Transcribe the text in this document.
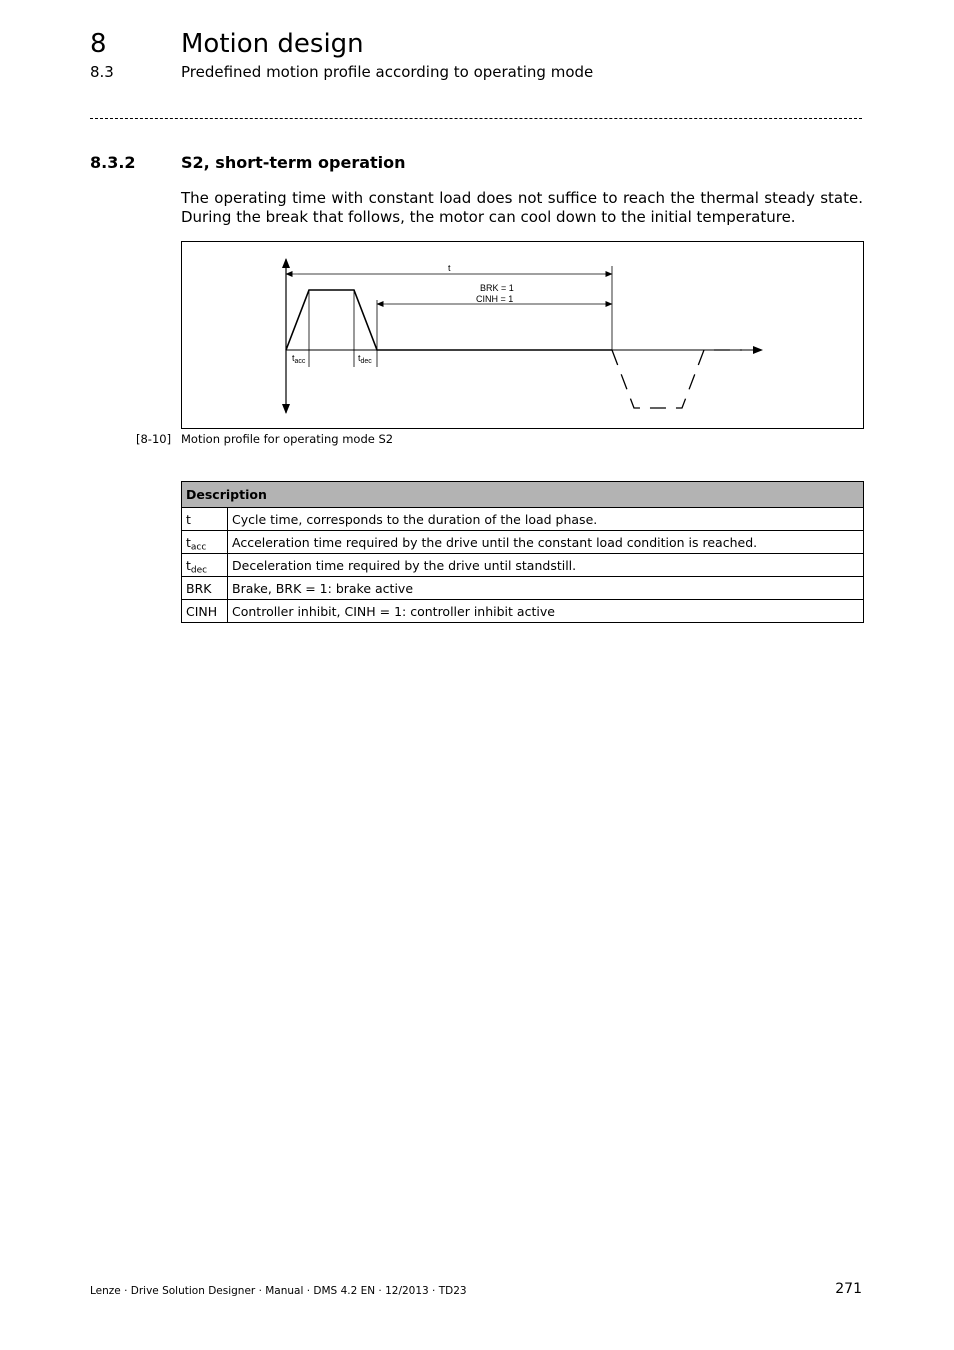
8	Motion design
8.3	Predefined motion profile according to operating mode
8.3.2	S2, short-term operation
The operating time with constant load does not suffice to reach the thermal steady state. During the break that follows, the motor can cool down to the initial temperature.
t
BRK = 1
CINH = 1
$t_{acc}$	$t_{dec}$
[8-10] Motion profile for operating mode S2
Description	
t	Cycle time, corresponds to the duration of the load phase.
$t_{acc}$	Acceleration time required by the drive until the constant load condition is reached.
$t_{dec}$	Deceleration time required by the drive until standstill.
BRK	Brake, BRK = 1: brake active
CINH	Controller inhibit, CINH = 1: controller inhibit active
Lenze · Drive Solution Designer · Manual · DMS 4.2 EN · 12/2013 · TD23	271
